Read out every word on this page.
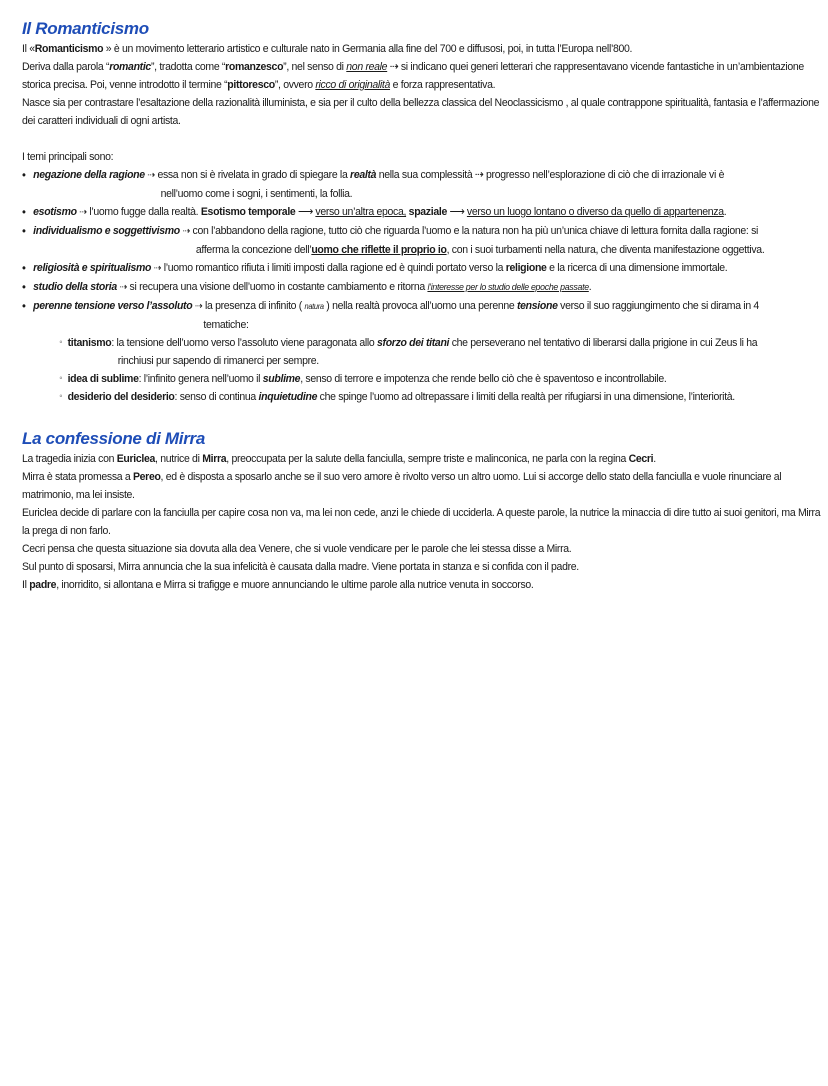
Il Romanticismo
Il «Romanticismo » è un movimento letterario artistico e culturale nato in Germania alla fine del 700 e diffusosi, poi, in tutta l’Europa nell’800.
Deriva dalla parola “romantic”, tradotta come “romanzesco”, nel senso di non reale ⇢ si indicano quei generi letterari che rappresentavano vicende fantastiche in un’ambientazione storica precisa. Poi, venne introdotto il termine “pittoresco”, ovvero ricco di originalità e forza rappresentativa.
Nasce sia per contrastare l’esaltazione della razionalità illuminista, e sia per il culto della bellezza classica del Neoclassicismo , al quale contrappone spiritualità, fantasia e l’affermazione dei caratteri individuali di ogni artista.
I temi principali sono:
• negazione della ragione ⇢ essa non si è rivelata in grado di spiegare la realtà nella sua complessità ⇢ progresso nell’esplorazione di ciò che di irrazionale vi è
nell’uomo come i sogni, i sentimenti, la follia.
• esotismo ⇢ l’uomo fugge dalla realtà. Esotismo temporale ⟶ verso un’altra epoca, spaziale ⟶ verso un luogo lontano o diverso da quello di appartenenza.
• individualismo e soggettivismo ⇢ con l’abbandono della ragione, tutto ciò che riguarda l’uomo e la natura non ha più un’unica chiave di lettura fornita dalla ragione: si
afferma la concezione dell’uomo che riflette il proprio io, con i suoi turbamenti nella natura, che diventa manifestazione oggettiva.
• religiosità e spiritualismo ⇢ l’uomo romantico rifiuta i limiti imposti dalla ragione ed è quindi portato verso la religione e la ricerca di una dimensione immortale.
• studio della storia ⇢ si recupera una visione dell’uomo in costante cambiamento e ritorna l’interesse per lo studio delle epoche passate.
• perenne tensione verso l’assoluto ⇢ la presenza di infinito ( natura ) nella realtà provoca all’uomo una perenne tensione verso il suo raggiungimento che si dirama in 4
tematiche:
◦ titanismo: la tensione dell’uomo verso l’assoluto viene paragonata allo sforzo dei titani che perseverano nel tentativo di liberarsi dalla prigione in cui Zeus li ha
rinchiusi pur sapendo di rimanerci per sempre.
◦ idea di sublime: l’infinito genera nell’uomo il sublime, senso di terrore e impotenza che rende bello ciò che è spaventoso e incontrollabile.
◦ desiderio del desiderio: senso di continua inquietudine che spinge l’uomo ad oltrepassare i limiti della realtà per rifugiarsi in una dimensione, l’interiorità.
La confessione di Mirra
La tragedia inizia con Euriclea, nutrice di Mirra, preoccupata per la salute della fanciulla, sempre triste e malinconica, ne parla con la regina Cecri.
Mirra è stata promessa a Pereo, ed è disposta a sposarlo anche se il suo vero amore è rivolto verso un altro uomo. Lui si accorge dello stato della fanciulla e vuole rinunciare al matrimonio, ma lei insiste.
Euriclea decide di parlare con la fanciulla per capire cosa non va, ma lei non cede, anzi le chiede di ucciderla. A queste parole, la nutrice la minaccia di dire tutto ai suoi genitori, ma Mirra la prega di non farlo.
Cecri pensa che questa situazione sia dovuta alla dea Venere, che si vuole vendicare per le parole che lei stessa disse a Mirra.
Sul punto di sposarsi, Mirra annuncia che la sua infelicità è causata dalla madre. Viene portata in stanza e si confida con il padre.
Il padre, inorridito, si allontana e Mirra si trafigge e muore annunciando le ultime parole alla nutrice venuta in soccorso.
